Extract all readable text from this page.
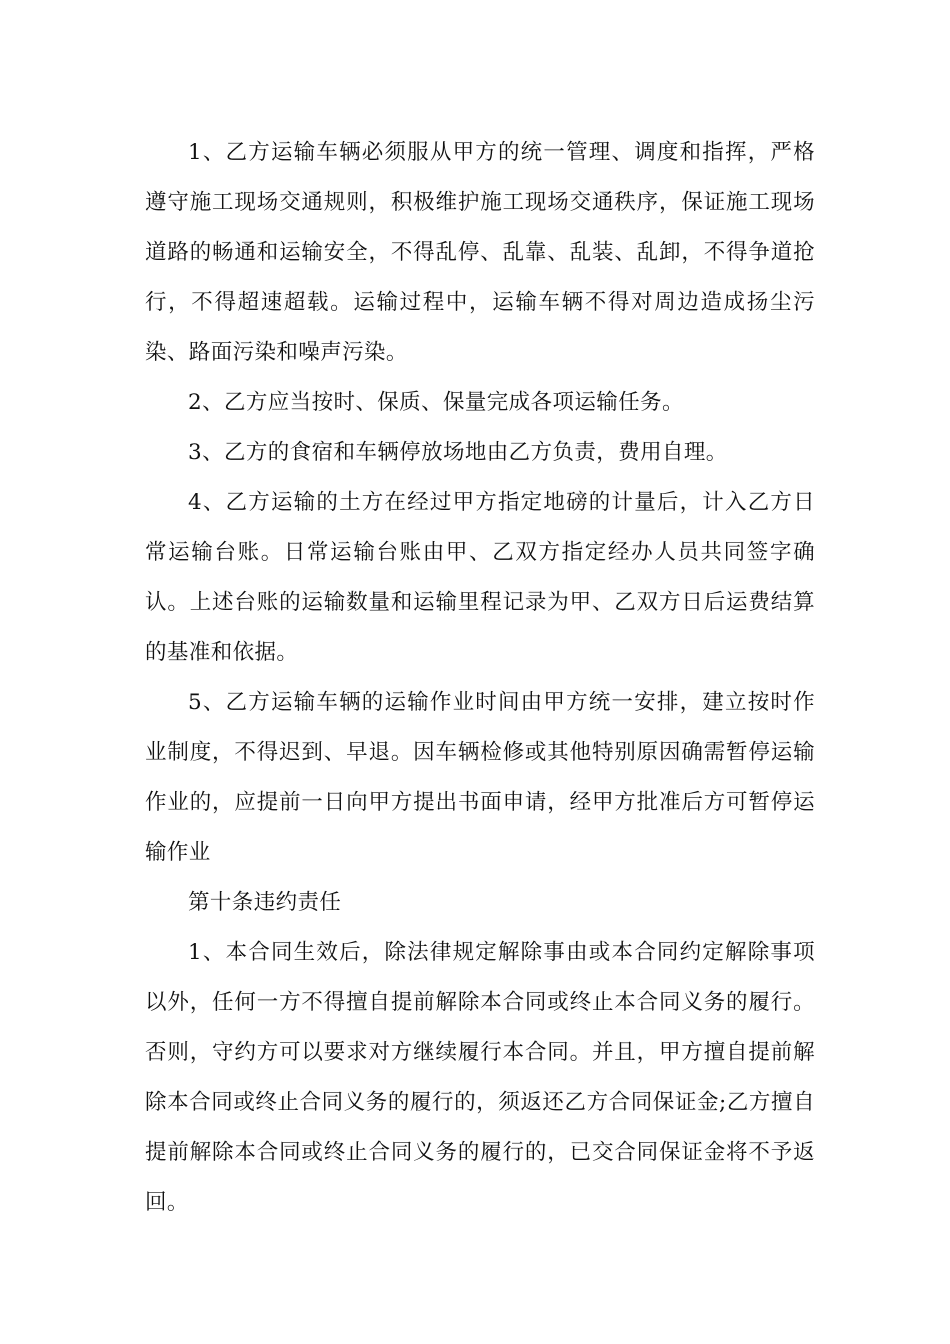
1、乙方运输车辆必须服从甲方的统一管理、调度和指挥，严格遵守施工现场交通规则，积极维护施工现场交通秩序，保证施工现场道路的畅通和运输安全，不得乱停、乱靠、乱装、乱卸，不得争道抢行，不得超速超载。运输过程中，运输车辆不得对周边造成扬尘污染、路面污染和噪声污染。

2、乙方应当按时、保质、保量完成各项运输任务。

3、乙方的食宿和车辆停放场地由乙方负责，费用自理。

4、乙方运输的土方在经过甲方指定地磅的计量后，计入乙方日常运输台账。日常运输台账由甲、乙双方指定经办人员共同签字确认。上述台账的运输数量和运输里程记录为甲、乙双方日后运费结算的基准和依据。

5、乙方运输车辆的运输作业时间由甲方统一安排，建立按时作业制度，不得迟到、早退。因车辆检修或其他特别原因确需暂停运输作业的，应提前一日向甲方提出书面申请，经甲方批准后方可暂停运输作业

第十条违约责任

1、本合同生效后，除法律规定解除事由或本合同约定解除事项以外，任何一方不得擅自提前解除本合同或终止本合同义务的履行。否则，守约方可以要求对方继续履行本合同。并且，甲方擅自提前解除本合同或终止合同义务的履行的，须返还乙方合同保证金;乙方擅自提前解除本合同或终止合同义务的履行的，已交合同保证金将不予返回。
